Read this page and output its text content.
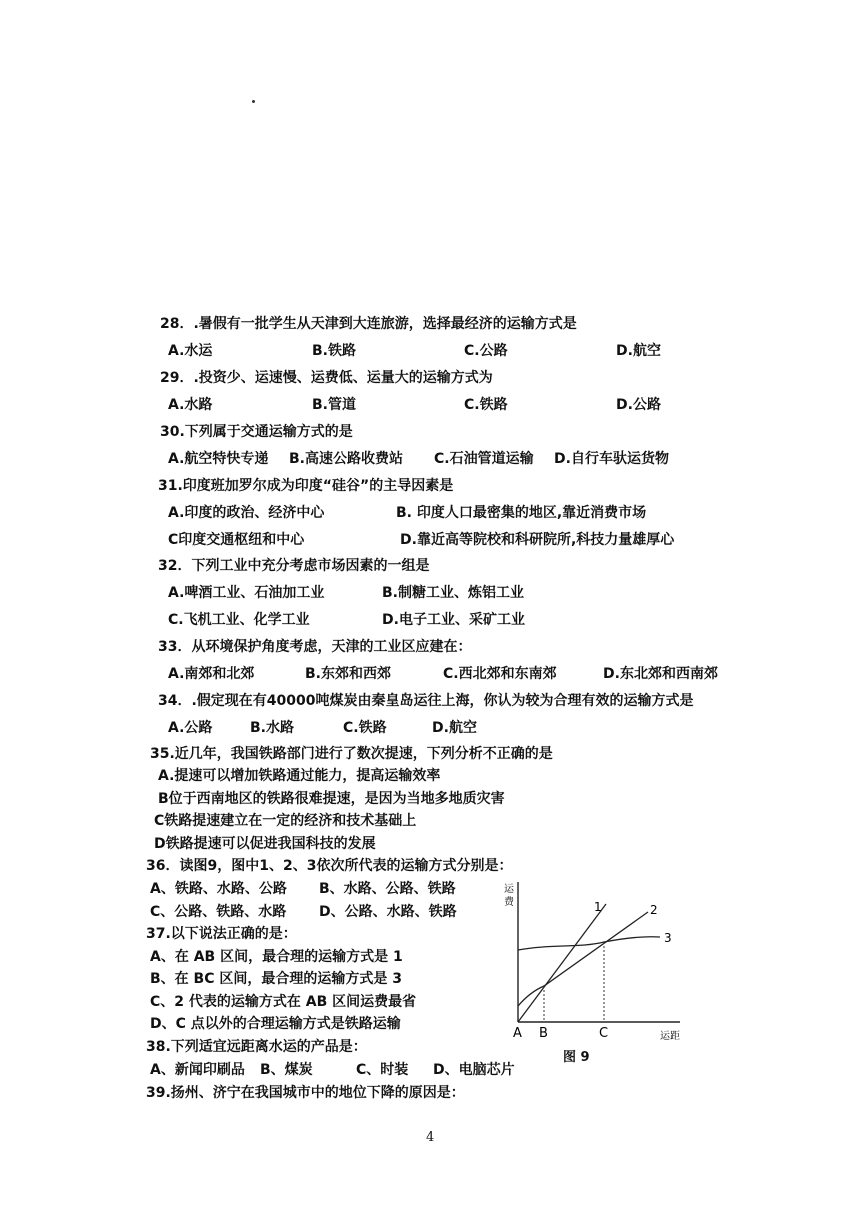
28．.暑假有一批学生从天津到大连旅游，选择最经济的运输方式是
A.水运	B.铁路	C.公路	D.航空
29．.投资少、运速慢、运费低、运量大的运输方式为
A.水路	B.管道	C.铁路	D.公路
30.下列属于交通运输方式的是
A.航空特快专递 B.高速公路收费站 C.石油管道运输 D.自行车驮运货物
31.印度班加罗尔成为印度“硅谷”的主导因素是
A.印度的政治、经济中心	B. 印度人口最密集的地区,靠近消费市场
C印度交通枢纽和中心	D.靠近高等院校和科研院所,科技力量雄厚心
32．下列工业中充分考虑市场因素的一组是
A.啤酒工业、石油加工业	B.制糖工业、炼铝工业
C.飞机工业、化学工业	D.电子工业、采矿工业
33．从环境保护角度考虑，天津的工业区应建在：
A.南郊和北郊	B.东郊和西郊	C.西北郊和东南郊	D.东北郊和西南郊
34．.假定现在有40000吨煤炭由秦皇岛运往上海，你认为较为合理有效的运输方式是
A.公路	B.水路	C.铁路	D.航空
35.近几年，我国铁路部门进行了数次提速，下列分析不正确的是
A.提速可以增加铁路通过能力，提高运输效率
B位于西南地区的铁路很难提速，是因为当地多地质灾害
C铁路提速建立在一定的经济和技术基础上
D铁路提速可以促进我国科技的发展
36．读图9，图中1、2、3依次所代表的运输方式分别是：
A、铁路、水路、公路 B、水路、公路、铁路
C、公路、铁路、水路 D、公路、水路、铁路
37.以下说法正确的是：
A、在 AB 区间，最合理的运输方式是 1
B、在 BC 区间，最合理的运输方式是 3
C、2 代表的运输方式在 AB 区间运费最省
D、C 点以外的合理运输方式是铁路运输
38.下列适宜远距离水运的产品是：
A、新闻印刷品 B、煤炭	C、时装 D、电脑芯片
39.扬州、济宁在我国城市中的地位下降的原因是：
运
费
运距
A B	C
1	2
3
图 9
4
